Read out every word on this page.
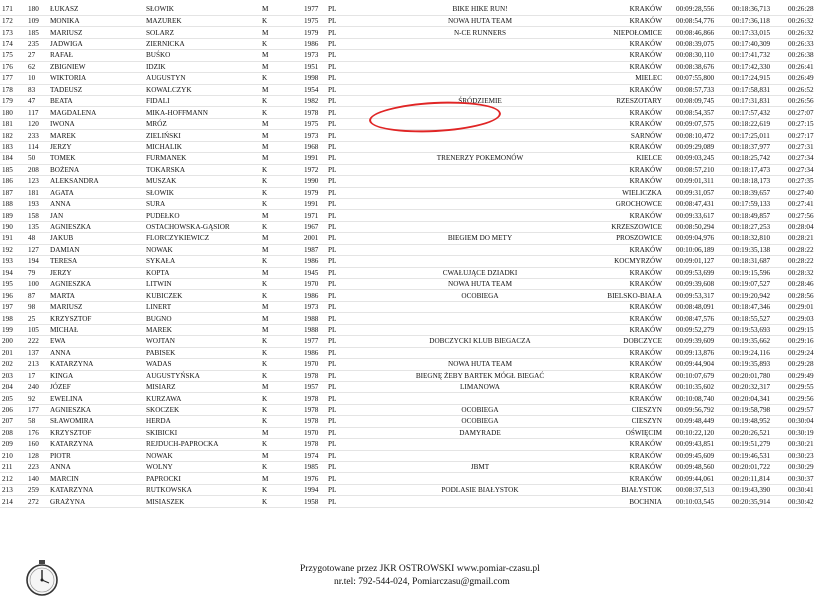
171	180	ŁUKASZ	SŁOWIK	M	1977	PL	BIKE HIKE RUN!	KRAKÓW	00:09:28,556	00:18:36,713	00:26:28
172	109	MONIKA	MAZUREK	K	1975	PL	NOWA HUTA TEAM	KRAKÓW	00:08:54,776	00:17:36,118	00:26:32
173	185	MARIUSZ	SOLARZ	M	1979	PL	N-CE RUNNERS	NIEPOŁOMICE	00:08:46,866	00:17:33,015	00:26:32
174	235	JADWIGA	ZIERNICKA	K	1986	PL		KRAKÓW	00:08:39,075	00:17:40,309	00:26:33
175	27	RAFAŁ	BUŚKO	M	1973	PL		KRAKÓW	00:08:30,110	00:17:41,732	00:26:38
176	62	ZBIGNIEW	IDZIK	M	1951	PL		KRAKÓW	00:08:38,676	00:17:42,330	00:26:41
177	10	WIKTORIA	AUGUSTYN	K	1998	PL		MIELEC	00:07:55,800	00:17:24,915	00:26:49
178	83	TADEUSZ	KOWALCZYK	M	1954	PL		KRAKÓW	00:08:57,733	00:17:58,831	00:26:52
179	47	BEATA	FIDALI	K	1982	PL	ŚRÓDZIEMIE	RZESZOTARY	00:08:09,745	00:17:31,831	00:26:56
180	117	MAGDALENA	MIKA-HOFFMANN	K	1978	PL		KRAKÓW	00:08:54,357	00:17:57,432	00:27:07
181	120	IWONA	MRÓZ	M	1975	PL		KRAKÓW	00:09:07,575	00:18:22,619	00:27:15
182	233	MAREK	ZIELIŃSKI	M	1973	PL		SARNÓW	00:08:10,472	00:17:25,011	00:27:17
183	114	JERZY	MICHALIK	M	1968	PL		KRAKÓW	00:09:29,089	00:18:37,977	00:27:31
184	50	TOMEK	FURMANEK	M	1991	PL	TRENERZY POKEMONÓW	KIELCE	00:09:03,245	00:18:25,742	00:27:34
185	208	BOŻENA	TOKARSKA	K	1972	PL		KRAKÓW	00:08:57,210	00:18:17,473	00:27:34
186	123	ALEKSANDRA	MUSZAK	K	1990	PL		KRAKÓW	00:09:01,311	00:18:18,173	00:27:35
187	181	AGATA	SŁOWIK	K	1979	PL		WIELICZKA	00:09:31,057	00:18:39,657	00:27:40
188	193	ANNA	SURA	K	1991	PL		GROCHOWCE	00:08:47,431	00:17:59,133	00:27:41
189	158	JAN	PUDEŁKO	M	1971	PL		KRAKÓW	00:09:33,617	00:18:49,857	00:27:56
190	135	AGNIESZKA	OSTACHOWSKA-GĄSIOR	K	1967	PL		KRZESZOWICE	00:08:50,294	00:18:27,253	00:28:04
191	48	JAKUB	FLORCZYKIEWICZ	M	2001	PL	BIEGIEM DO METY	PROSZOWICE	00:09:04,976	00:18:32,810	00:28:21
192	127	DAMIAN	NOWAK	M	1987	PL		KRAKÓW	00:10:06,189	00:19:35,138	00:28:22
193	194	TERESA	SYKAŁA	K	1986	PL		KOCMYRZÓW	00:09:01,127	00:18:31,687	00:28:22
194	79	JERZY	KOPTA	M	1945	PL	CWAŁUJĄCE DZIADKI	KRAKÓW	00:09:53,699	00:19:15,596	00:28:32
195	100	AGNIESZKA	LITWIN	K	1970	PL	NOWA HUTA TEAM	KRAKÓW	00:09:39,608	00:19:07,527	00:28:46
196	87	MARTA	KUBICZEK	K	1986	PL	OCOBIEGA	BIELSKO-BIAŁA	00:09:53,317	00:19:20,942	00:28:56
197	98	MARIUSZ	LINERT	M	1973	PL		KRAKÓW	00:08:48,091	00:18:47,346	00:29:01
198	25	KRZYSZTOF	BUGNO	M	1988	PL		KRAKÓW	00:08:47,576	00:18:55,527	00:29:03
199	105	MICHAŁ	MAREK	M	1988	PL		KRAKÓW	00:09:52,279	00:19:53,693	00:29:15
200	222	EWA	WOJTAN	K	1977	PL	DOBCZYCKI KLUB BIEGACZA	DOBCZYCE	00:09:39,609	00:19:35,662	00:29:16
201	137	ANNA	PABISEK	K	1986	PL		KRAKÓW	00:09:13,876	00:19:24,116	00:29:24
202	213	KATARZYNA	WADAS	K	1970	PL	NOWA HUTA TEAM	KRAKÓW	00:09:44,904	00:19:35,893	00:29:28
203	17	KINGA	AUGUSTYŃSKA	K	1978	PL	BIEGNĘ ŻEBY BARTEK MÓGŁ BIEGAĆ	KRAKÓW	00:10:07,679	00:20:01,780	00:29:49
204	240	JÓZEF	MISIARZ	M	1957	PL	LIMANOWA	KRAKÓW	00:10:35,602	00:20:32,317	00:29:55
205	92	EWELINA	KURZAWA	K	1978	PL		KRAKÓW	00:10:08,740	00:20:04,341	00:29:56
206	177	AGNIESZKA	SKOCZEK	K	1978	PL	OCOBIEGA	CIESZYN	00:09:56,792	00:19:58,798	00:29:57
207	58	SŁAWOMIRA	HERDA	K	1978	PL	OCOBIEGA	CIESZYN	00:09:48,449	00:19:48,952	00:30:04
208	176	KRZYSZTOF	SKIBICKI	M	1970	PL	DAMYRADE	OŚWIĘCIM	00:10:22,120	00:20:26,521	00:30:19
209	160	KATARZYNA	REJDUCH-PAPROCKA	K	1978	PL		KRAKÓW	00:09:43,851	00:19:51,279	00:30:21
210	128	PIOTR	NOWAK	M	1974	PL		KRAKÓW	00:09:45,609	00:19:46,531	00:30:23
211	223	ANNA	WOLNY	K	1985	PL	JBMT	KRAKÓW	00:09:48,560	00:20:01,722	00:30:29
212	140	MARCIN	PAPROCKI	M	1976	PL		KRAKÓW	00:09:44,061	00:20:11,814	00:30:37
213	259	KATARZYNA	RUTKOWSKA	K	1994	PL	PODLASIE BIAŁYSTOK	BIAŁYSTOK	00:08:37,513	00:19:43,390	00:30:41
214	272	GRAŻYNA	MISIASZEK	K	1958	PL		BOCHNIA	00:10:03,545	00:20:35,914	00:30:42
Przygotowane przez JKR OSTROWSKI www.pomiar-czasu.pl
nr.tel: 792-544-024, Pomiarczasu@gmail.com
